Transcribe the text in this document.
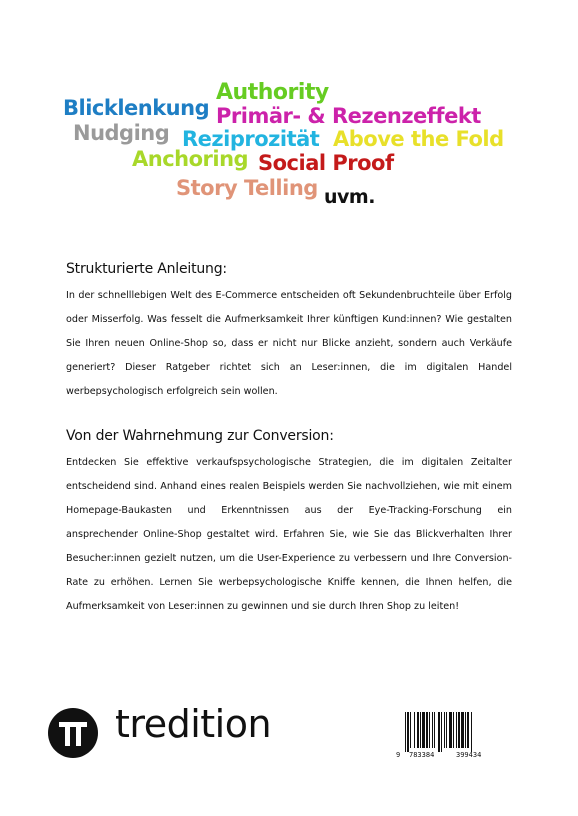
Authority
Blicklenkung Primär- & Rezenzeffekt
Nudging Reziprozität Above the Fold
Anchoring Social Proof
Story Telling uvm.
Strukturierte Anleitung:

In der schnelllebigen Welt des E-Commerce entscheiden oft Sekundenbruchteile über Erfolg oder Misserfolg. Was fesselt die Aufmerksamkeit Ihrer künftigen Kund:innen? Wie gestalten Sie Ihren neuen Online-Shop so, dass er nicht nur Blicke anzieht, sondern auch Verkäufe generiert? Dieser Ratgeber richtet sich an Leser:innen, die im digitalen Handel werbepsychologisch erfolgreich sein wollen.

Von der Wahrnehmung zur Conversion:

Entdecken Sie effektive verkaufspsychologische Strategien, die im digitalen Zeitalter entscheidend sind. Anhand eines realen Beispiels werden Sie nachvollziehen, wie mit einem Homepage-Baukasten und Erkenntnissen aus der Eye-Tracking-Forschung ein ansprechender Online-Shop gestaltet wird. Erfahren Sie, wie Sie das Blickverhalten Ihrer Besucher:innen gezielt nutzen, um die User-Experience zu verbessern und Ihre Conversion-Rate zu erhöhen. Lernen Sie werbepsychologische Kniffe kennen, die Ihnen helfen, die Aufmerksamkeit von Leser:innen zu gewinnen und sie durch Ihren Shop zu leiten!

tredition
9 783384	399434
